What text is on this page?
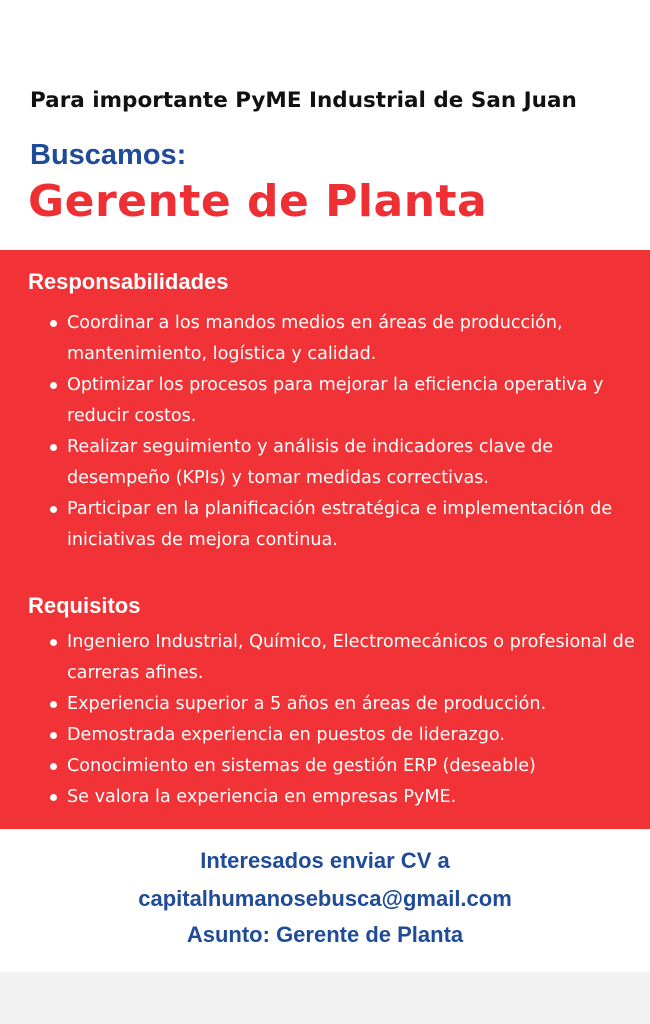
Para importante PyME Industrial de San Juan
Buscamos:
Gerente de Planta
Responsabilidades
Coordinar a los mandos medios en áreas de producción, mantenimiento, logística y calidad.
Optimizar los procesos para mejorar la eficiencia operativa y reducir costos.
Realizar seguimiento y análisis de indicadores clave de desempeño (KPIs) y tomar medidas correctivas.
Participar en la planificación estratégica e implementación de iniciativas de mejora continua.
Requisitos
Ingeniero Industrial, Químico, Electromecánicos o profesional de carreras afines.
Experiencia superior a 5 años en áreas de producción.
Demostrada experiencia en puestos de liderazgo.
Conocimiento en sistemas de gestión ERP (deseable)
Se valora la experiencia en empresas PyME.
Interesados enviar CV a
capitalhumanosebusca@gmail.com
Asunto: Gerente de Planta
